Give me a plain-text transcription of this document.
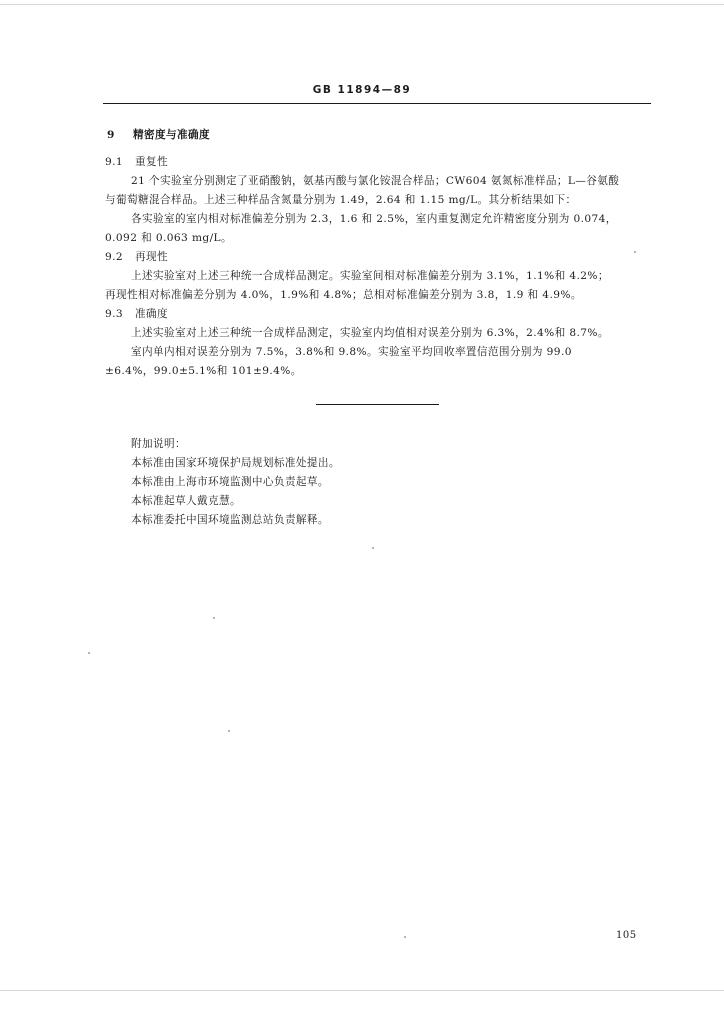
GB 11894—89
9 精密度与准确度
9.1 重复性
21 个实验室分别测定了亚硝酸钠，氨基丙酸与氯化铵混合样品；CW604 氨氮标准样品；L—谷氨酸
与葡萄糖混合样品。上述三种样品含氮量分别为 1.49，2.64 和 1.15 mg/L。其分析结果如下：
各实验室的室内相对标准偏差分别为 2.3，1.6 和 2.5%，室内重复测定允许精密度分别为 0.074，
0.092 和 0.063 mg/L。
9.2 再现性
上述实验室对上述三种统一合成样品测定。实验室间相对标准偏差分别为 3.1%，1.1%和 4.2%；
再现性相对标准偏差分别为 4.0%，1.9%和 4.8%；总相对标准偏差分别为 3.8，1.9 和 4.9%。
9.3 准确度
上述实验室对上述三种统一合成样品测定，实验室内均值相对误差分别为 6.3%，2.4%和 8.7%。
室内单内相对误差分别为 7.5%，3.8%和 9.8%。实验室平均回收率置信范围分别为 99.0
±6.4%，99.0±5.1%和 101±9.4%。
附加说明：
本标准由国家环境保护局规划标准处提出。
本标准由上海市环境监测中心负责起草。
本标准起草人戴克慧。
本标准委托中国环境监测总站负责解释。
105
